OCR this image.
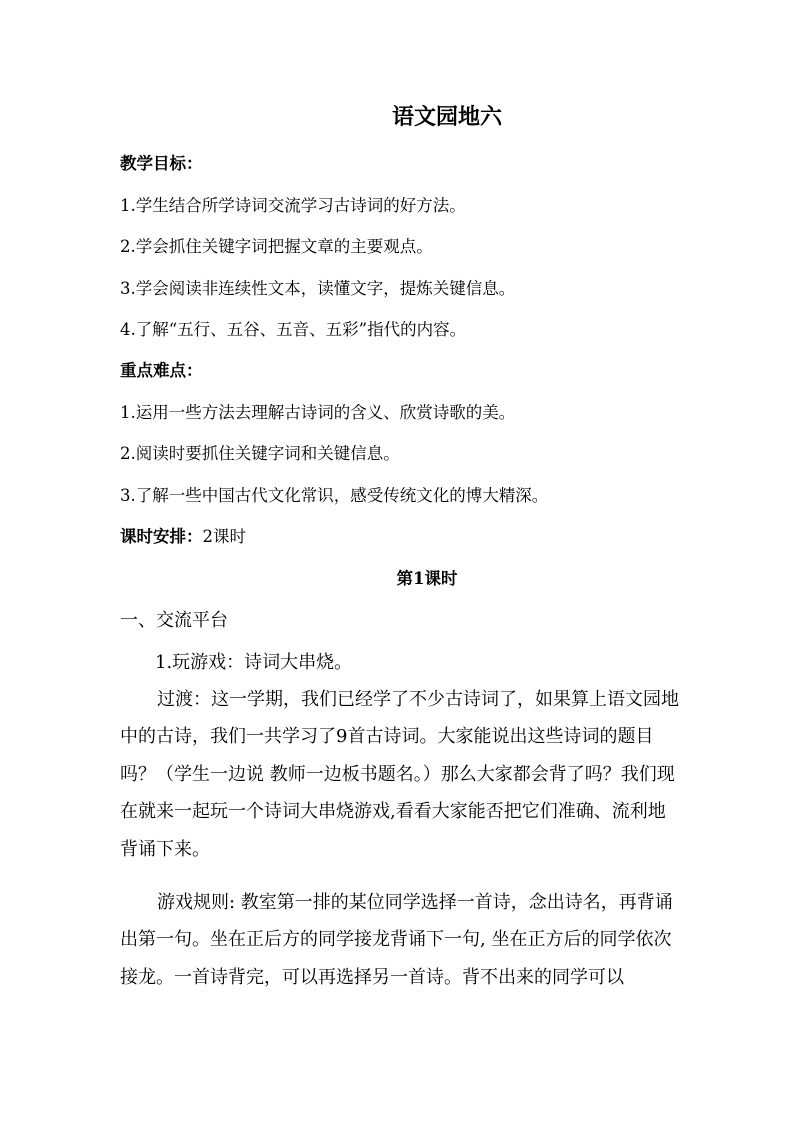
语文园地六
教学目标：
1.学生结合所学诗词交流学习古诗词的好方法。
2.学会抓住关键字词把握文章的主要观点。
3.学会阅读非连续性文本，读懂文字，提炼关键信息。
4.了解“五行、五谷、五音、五彩”指代的内容。
重点难点：
1.运用一些方法去理解古诗词的含义、欣赏诗歌的美。
2.阅读时要抓住关键字词和关键信息。
3.了解一些中国古代文化常识，感受传统文化的博大精深。
课时安排：2课时
第1课时
一、交流平台
1.玩游戏：诗词大串烧。
过渡：这一学期，我们已经学了不少古诗词了，如果算上语文园地中的古诗，我们一共学习了9首古诗词。大家能说出这些诗词的题目吗？（学生一边说 教师一边板书题名。）那么大家都会背了吗？我们现在就来一起玩一个诗词大串烧游戏,看看大家能否把它们准确、流利地背诵下来。
游戏规则: 教室第一排的某位同学选择一首诗，念出诗名，再背诵出第一句。坐在正后方的同学接龙背诵下一句, 坐在正方后的同学依次接龙。一首诗背完，可以再选择另一首诗。背不出来的同学可以
